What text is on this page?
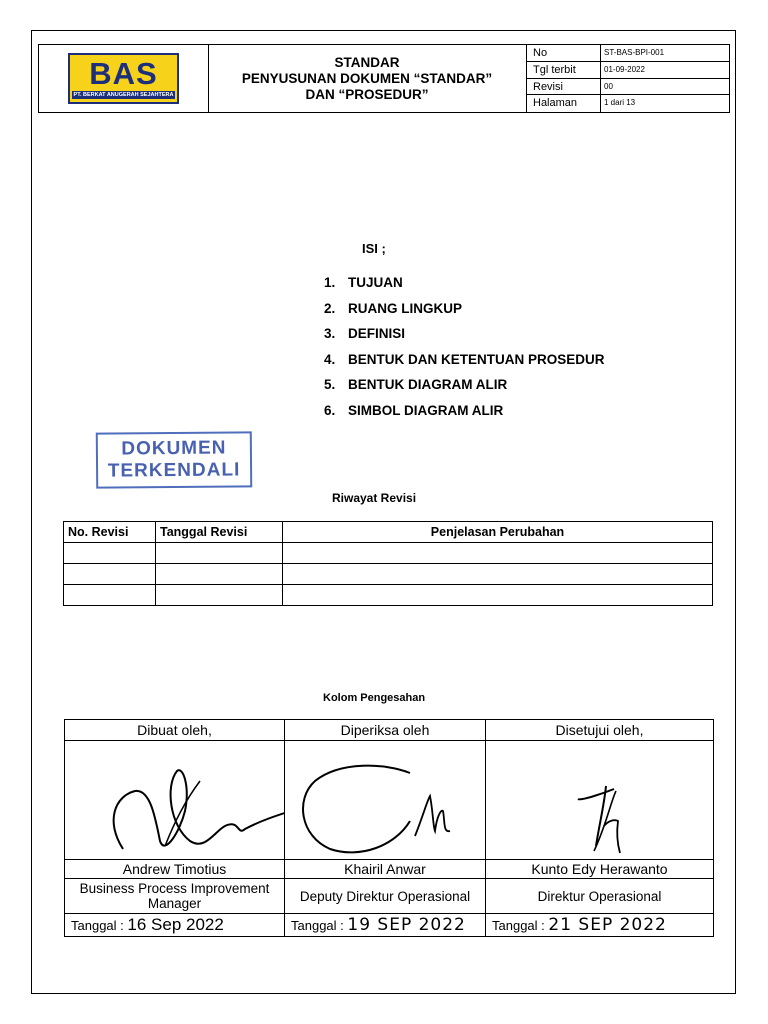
BAS
PT. BERKAT ANUGERAH SEJAHTERA
STANDAR
PENYUSUNAN DOKUMEN “STANDAR”
DAN “PROSEDUR”
No	ST-BAS-BPI-001
Tgl terbit	01-09-2022
Revisi	00
Halaman	1 dari 13
ISI ;
1. TUJUAN
2. RUANG LINGKUP
3. DEFINISI
4. BENTUK DAN KETENTUAN PROSEDUR
5. BENTUK DIAGRAM ALIR
6. SIMBOL DIAGRAM ALIR
DOKUMEN
TERKENDALI
Riwayat Revisi
No. Revisi	Tanggal Revisi	Penjelasan Perubahan

Kolom Pengesahan
Dibuat oleh,	Diperiksa oleh	Disetujui oleh,

Andrew Timotius	Khairil Anwar	Kunto Edy Herawanto
Business Process Improvement Manager	Deputy Direktur Operasional	Direktur Operasional
Tanggal : 16 Sep 2022	Tanggal : 19 SEP 2022	Tanggal : 21 SEP 2022
